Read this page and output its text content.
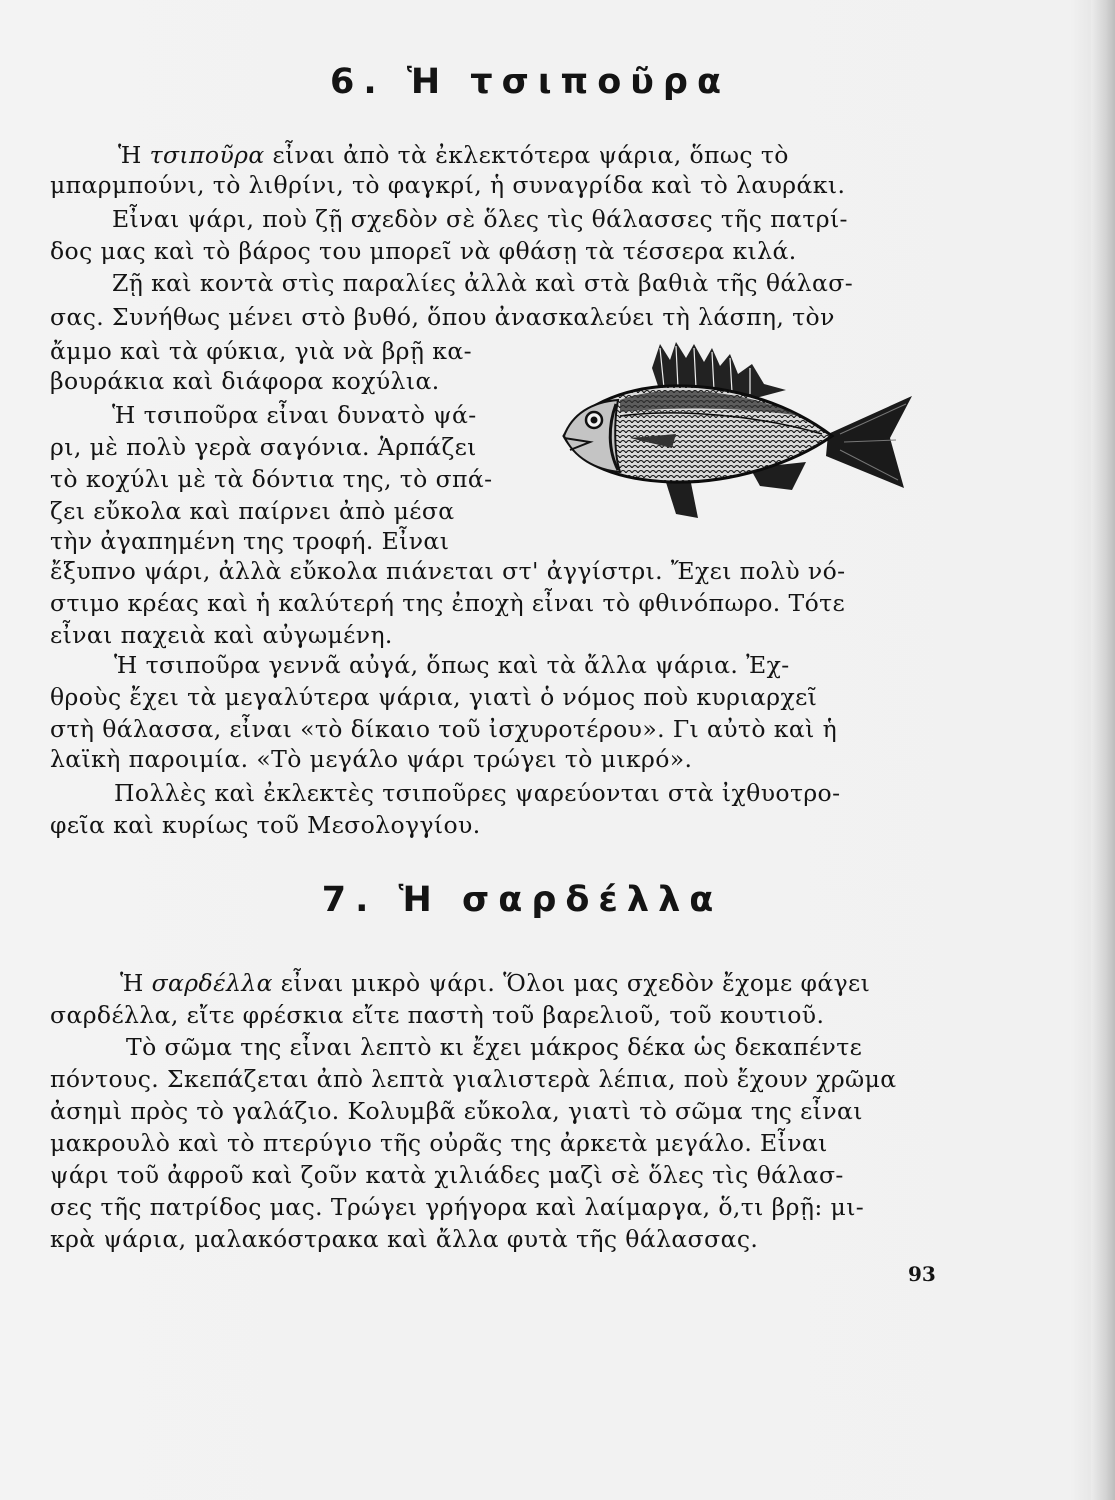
6. Ἡ τσιποῦρα

Ἡ τσιποῦρα εἶναι ἀπὸ τὰ ἐκλεκτότερα ψάρια, ὅπως τὸ

μπαρμπούνι, τὸ λιθρίνι, τὸ φαγκρί, ἡ συναγρίδα καὶ τὸ λαυράκι.

Εἶναι ψάρι, ποὺ ζῇ σχεδὸν σὲ ὅλες τὶς θάλασσες τῆς πατρί-

δος μας καὶ τὸ βάρος του μπορεῖ νὰ φθάσῃ τὰ τέσσερα κιλά.

Ζῇ καὶ κοντὰ στὶς παραλίες ἀλλὰ καὶ στὰ βαθιὰ τῆς θάλασ-

σας. Συνήθως μένει στὸ βυθό, ὅπου ἀνασκαλεύει τὴ λάσπη, τὸν

ἄμμο καὶ τὰ φύκια, γιὰ νὰ βρῇ κα-

βουράκια καὶ διάφορα κοχύλια.

Ἡ τσιποῦρα εἶναι δυνατὸ ψά-

ρι, μὲ πολὺ γερὰ σαγόνια. Ἁρπάζει

τὸ κοχύλι μὲ τὰ δόντια της, τὸ σπά-

ζει εὔκολα καὶ παίρνει ἀπὸ μέσα

τὴν ἀγαπημένη της τροφή. Εἶναι

ἔξυπνο ψάρι, ἀλλὰ εὔκολα πιάνεται στ' ἀγγίστρι. Ἔχει πολὺ νό-

στιμο κρέας καὶ ἡ καλύτερή της ἐποχὴ εἶναι τὸ φθινόπωρο. Τότε

εἶναι παχειὰ καὶ αὐγωμένη.

Ἡ τσιποῦρα γεννᾶ αὐγά, ὅπως καὶ τὰ ἄλλα ψάρια. Ἐχ-

θροὺς ἔχει τὰ μεγαλύτερα ψάρια, γιατὶ ὁ νόμος ποὺ κυριαρχεῖ

στὴ θάλασσα, εἶναι «τὸ δίκαιο τοῦ ἰσχυροτέρου». Γι αὐτὸ καὶ ἡ

λαϊκὴ παροιμία. «Τὸ μεγάλο ψάρι τρώγει τὸ μικρό».

Πολλὲς καὶ ἐκλεκτὲς τσιποῦρες ψαρεύονται στὰ ἰχθυοτρο-

φεῖα καὶ κυρίως τοῦ Μεσολογγίου.

7. Ἡ σαρδέλλα

Ἡ σαρδέλλα εἶναι μικρὸ ψάρι. Ὅλοι μας σχεδὸν ἔχομε φάγει

σαρδέλλα, εἴτε φρέσκια εἴτε παστὴ τοῦ βαρελιοῦ, τοῦ κουτιοῦ.

Τὸ σῶμα της εἶναι λεπτὸ κι ἔχει μάκρος δέκα ὡς δεκαπέντε

πόντους. Σκεπάζεται ἀπὸ λεπτὰ γιαλιστερὰ λέπια, ποὺ ἔχουν χρῶμα

ἀσημὶ πρὸς τὸ γαλάζιο. Κολυμβᾶ εὔκολα, γιατὶ τὸ σῶμα της εἶναι

μακρουλὸ καὶ τὸ πτερύγιο τῆς οὐρᾶς της ἀρκετὰ μεγάλο. Εἶναι

ψάρι τοῦ ἀφροῦ καὶ ζοῦν κατὰ χιλιάδες μαζὶ σὲ ὅλες τὶς θάλασ-

σες τῆς πατρίδος μας. Τρώγει γρήγορα καὶ λαίμαργα, ὅ,τι βρῇ: μι-

κρὰ ψάρια, μαλακόστρακα καὶ ἄλλα φυτὰ τῆς θάλασσας.

93
